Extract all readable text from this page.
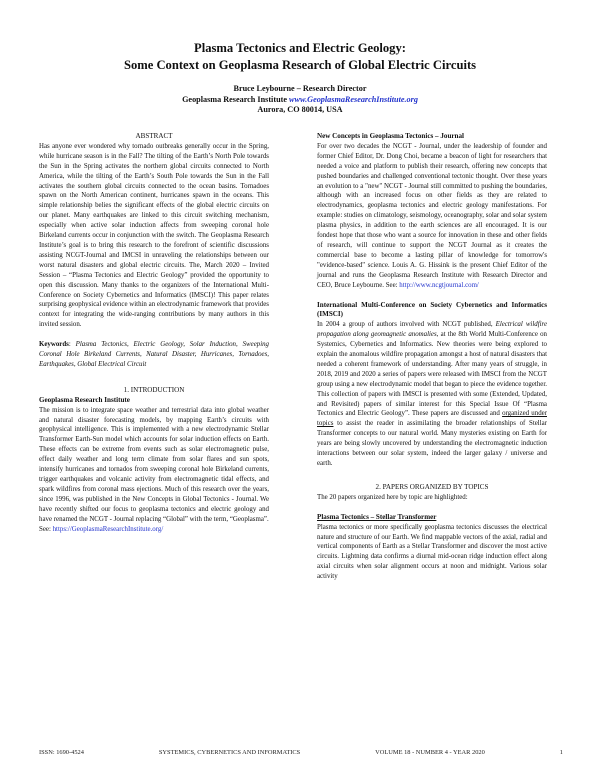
Plasma Tectonics and Electric Geology:
Some Context on Geoplasma Research of Global Electric Circuits
Bruce Leybourne – Research Director
Geoplasma Research Institute www.GeoplasmaResearchInstitute.org
Aurora, CO 80014, USA

ABSTRACT

Has anyone ever wondered why tornado outbreaks generally occur in the Spring, while hurricane season is in the Fall? The tilting of the Earth’s North Pole towards the Sun in the Spring activates the northern global circuits connected to North America, while the tilting of the Earth’s South Pole towards the Sun in the Fall activates the southern global circuits connected to the ocean basins. Tornadoes spawn on the North American continent, hurricanes spawn in the oceans. This simple relationship belies the significant effects of the global electric circuits on our planet. Many earthquakes are linked to this circuit switching mechanism, especially when active solar induction affects from sweeping coronal hole Birkeland currents occur in conjunction with the switch. The Geoplasma Research Institute’s goal is to bring this research to the forefront of scientific discussions assisting NCGT-Journal and IMCSI in unraveling the relationships between our worst natural disasters and global electric circuits. The, March 2020 – Invited Session – “Plasma Tectonics and Electric Geology” provided the opportunity to open this discussion. Many thanks to the organizers of the International Multi-Conference on Society Cybernetics and Informatics (IMSCI)! This paper relates surprising geophysical evidence within an electrodynamic framework that provides context for integrating the wide-ranging contributions by many authors in this invited session.

Keywords: Plasma Tectonics, Electric Geology, Solar Induction, Sweeping Coronal Hole Birkeland Currents, Natural Disaster, Hurricanes, Tornadoes, Earthquakes, Global Electrical Circuit

1. INTRODUCTION

Geoplasma Research Institute

The mission is to integrate space weather and terrestrial data into global weather and natural disaster forecasting models, by mapping Earth’s circuits with geophysical intelligence. This is implemented with a new electrodynamic Stellar Transformer Earth-Sun model which accounts for solar induction effects on Earth. These effects can be extreme from events such as solar electromagnetic pulse, effect daily weather and long term climate from solar flares and sun spots, intensify hurricanes and tornados from sweeping coronal hole Birkeland currents, trigger earthquakes and volcanic activity from electromagnetic tidal effects, and spark wildfires from coronal mass ejections. Much of this research over the years, since 1996, was published in the New Concepts in Global Tectonics - Journal. We have recently shifted our focus to geoplasma tectonics and electric geology and have renamed the NCGT - Journal replacing “Global” with the term, “Geoplasma”.

See: https://GeoplasmaResearchInstitute.org/

New Concepts in Geoplasma Tectonics – Journal

For over two decades the NCGT - Journal, under the leadership of founder and former Chief Editor, Dr. Dong Choi, became a beacon of light for researchers that needed a voice and platform to publish their research, offering new concepts that pushed boundaries and challenged conventional tectonic thought. Over these years an evolution to a "new" NCGT - Journal still committed to pushing the boundaries, although with an increased focus on other fields as they are related to electrodynamics, geoplasma tectonics and electric geology manifestations. For example: studies on climatology, seismology, oceanography, solar and solar system plasma physics, in addition to the earth sciences are all encouraged. It is our fondest hope that those who want a source for innovation in these and other fields of research, will continue to support the NCGT Journal as it creates the commercial base to become a lasting pillar of knowledge for tomorrow's "evidence-based" science. Louis A. G. Hissink is the present Chief Editor of the journal and runs the Geoplasma Research Institute with Research Director and CEO, Bruce Leybourne. See: http://www.ncgtjournal.com/

International Multi-Conference on Society Cybernetics and Informatics (IMSCI)

In 2004 a group of authors involved with NCGT published, Electrical wildfire propagation along geomagnetic anomalies, at the 8th World Multi-Conference on Systemics, Cybernetics and Informatics. New theories were being explored to explain the anomalous wildfire propagation amongst a host of natural disasters that needed a coherent framework of understanding. After many years of struggle, in 2018, 2019 and 2020 a series of papers were released with IMSCI from the NCGT group using a new electrodynamic model that began to piece the evidence together. This collection of papers with IMSCI is presented with some (Extended, Updated, and Revisited) papers of similar interest for this Special Issue Of “Plasma Tectonics and Electric Geology”. These papers are discussed and organized under topics to assist the reader in assimilating the broader relationships of Stellar Transformer concepts to our natural world. Many mysteries existing on Earth for years are being slowly uncovered by understanding the electromagnetic induction interactions between our solar system, indeed the larger galaxy / universe and earth.

2. PAPERS ORGANIZED BY TOPICS

The 20 papers organized here by topic are highlighted:

Plasma Tectonics – Stellar Transformer

Plasma tectonics or more specifically geoplasma tectonics discusses the electrical nature and structure of our Earth. We find mappable vectors of the axial, radial and vertical components of Earth as a Stellar Transformer and discover the most active circuits. Lightning data confirms a diurnal mid-ocean ridge induction effect along axial circuits when solar alignment occurs at noon and midnight. Various solar activity

ISSN: 1690-4524	SYSTEMICS, CYBERNETICS AND INFORMATICS	VOLUME 18 - NUMBER 4 - YEAR 2020	1
